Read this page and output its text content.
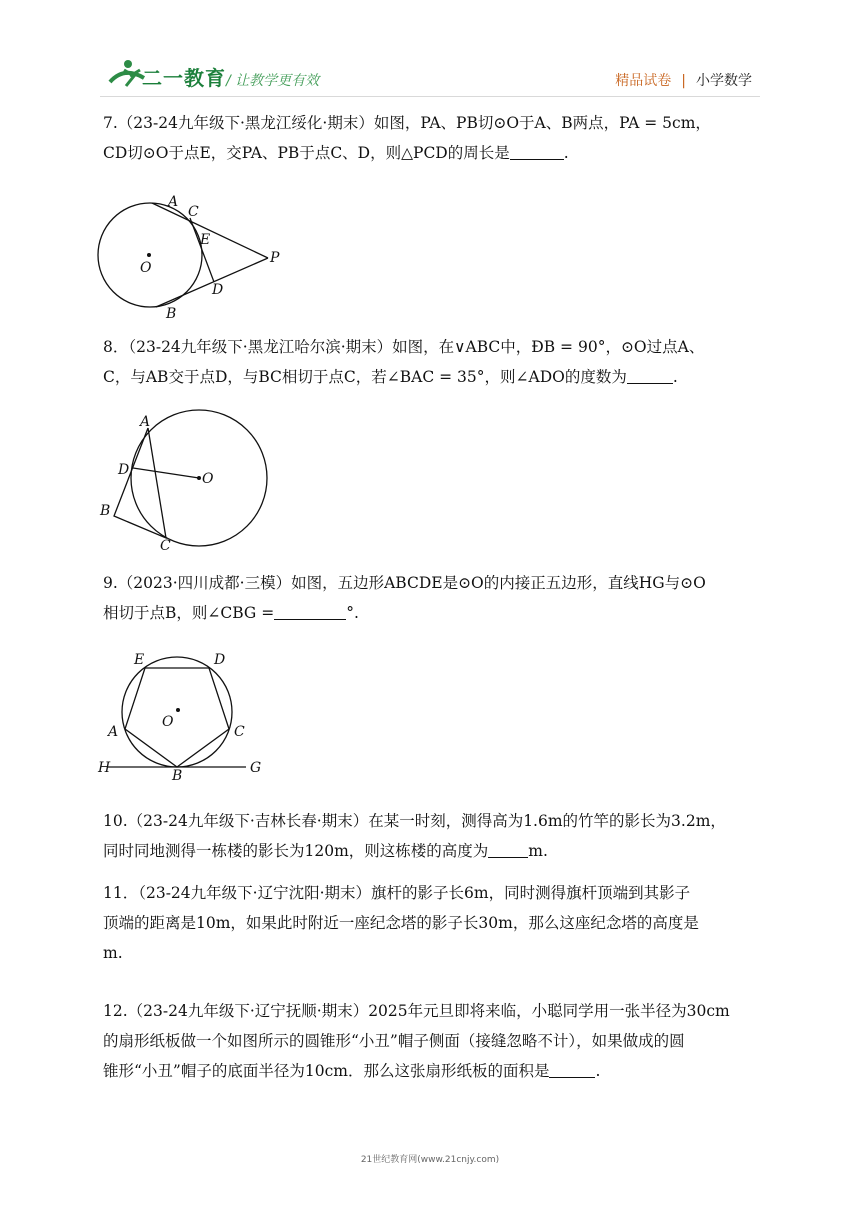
二一教育 / 让教学更有效	精品试卷 | 小学数学

7.（23-24九年级下·黑龙江绥化·期末）如图，PA、PB切⊙O于A、B两点，PA = 5cm，

CD切⊙O于点E，交PA、PB于点C、D，则△PCD的周长是	.

A
C
E
O
P
D
B

8．（23-24九年级下·黑龙江哈尔滨·期末）如图，在∨ABC中，ÐB = 90°，⊙O过点A、

C，与AB交于点D，与BC相切于点C，若∠BAC = 35°，则∠ADO的度数为	.

A
D
O
B
C

9.（2023·四川成都·三模）如图，五边形ABCDE是⊙O的内接正五边形，直线HG与⊙O

相切于点B，则∠CBG =	°.

E	D
O
A	C
H	B	G

10.（23-24九年级下·吉林长春·期末）在某一时刻，测得高为1.6m的竹竿的影长为3.2m，

同时同地测得一栋楼的影长为120m，则这栋楼的高度为	m.

11．（23-24九年级下·辽宁沈阳·期末）旗杆的影子长6m，同时测得旗杆顶端到其影子

顶端的距离是10m，如果此时附近一座纪念塔的影子长30m，那么这座纪念塔的高度是

m.

12.（23-24九年级下·辽宁抚顺·期末）2025年元旦即将来临，小聪同学用一张半径为30cm

的扇形纸板做一个如图所示的圆锥形“小丑”帽子侧面（接缝忽略不计），如果做成的圆

锥形“小丑”帽子的底面半径为10cm．那么这张扇形纸板的面积是	.

21世纪教育网(www.21cnjy.com)
